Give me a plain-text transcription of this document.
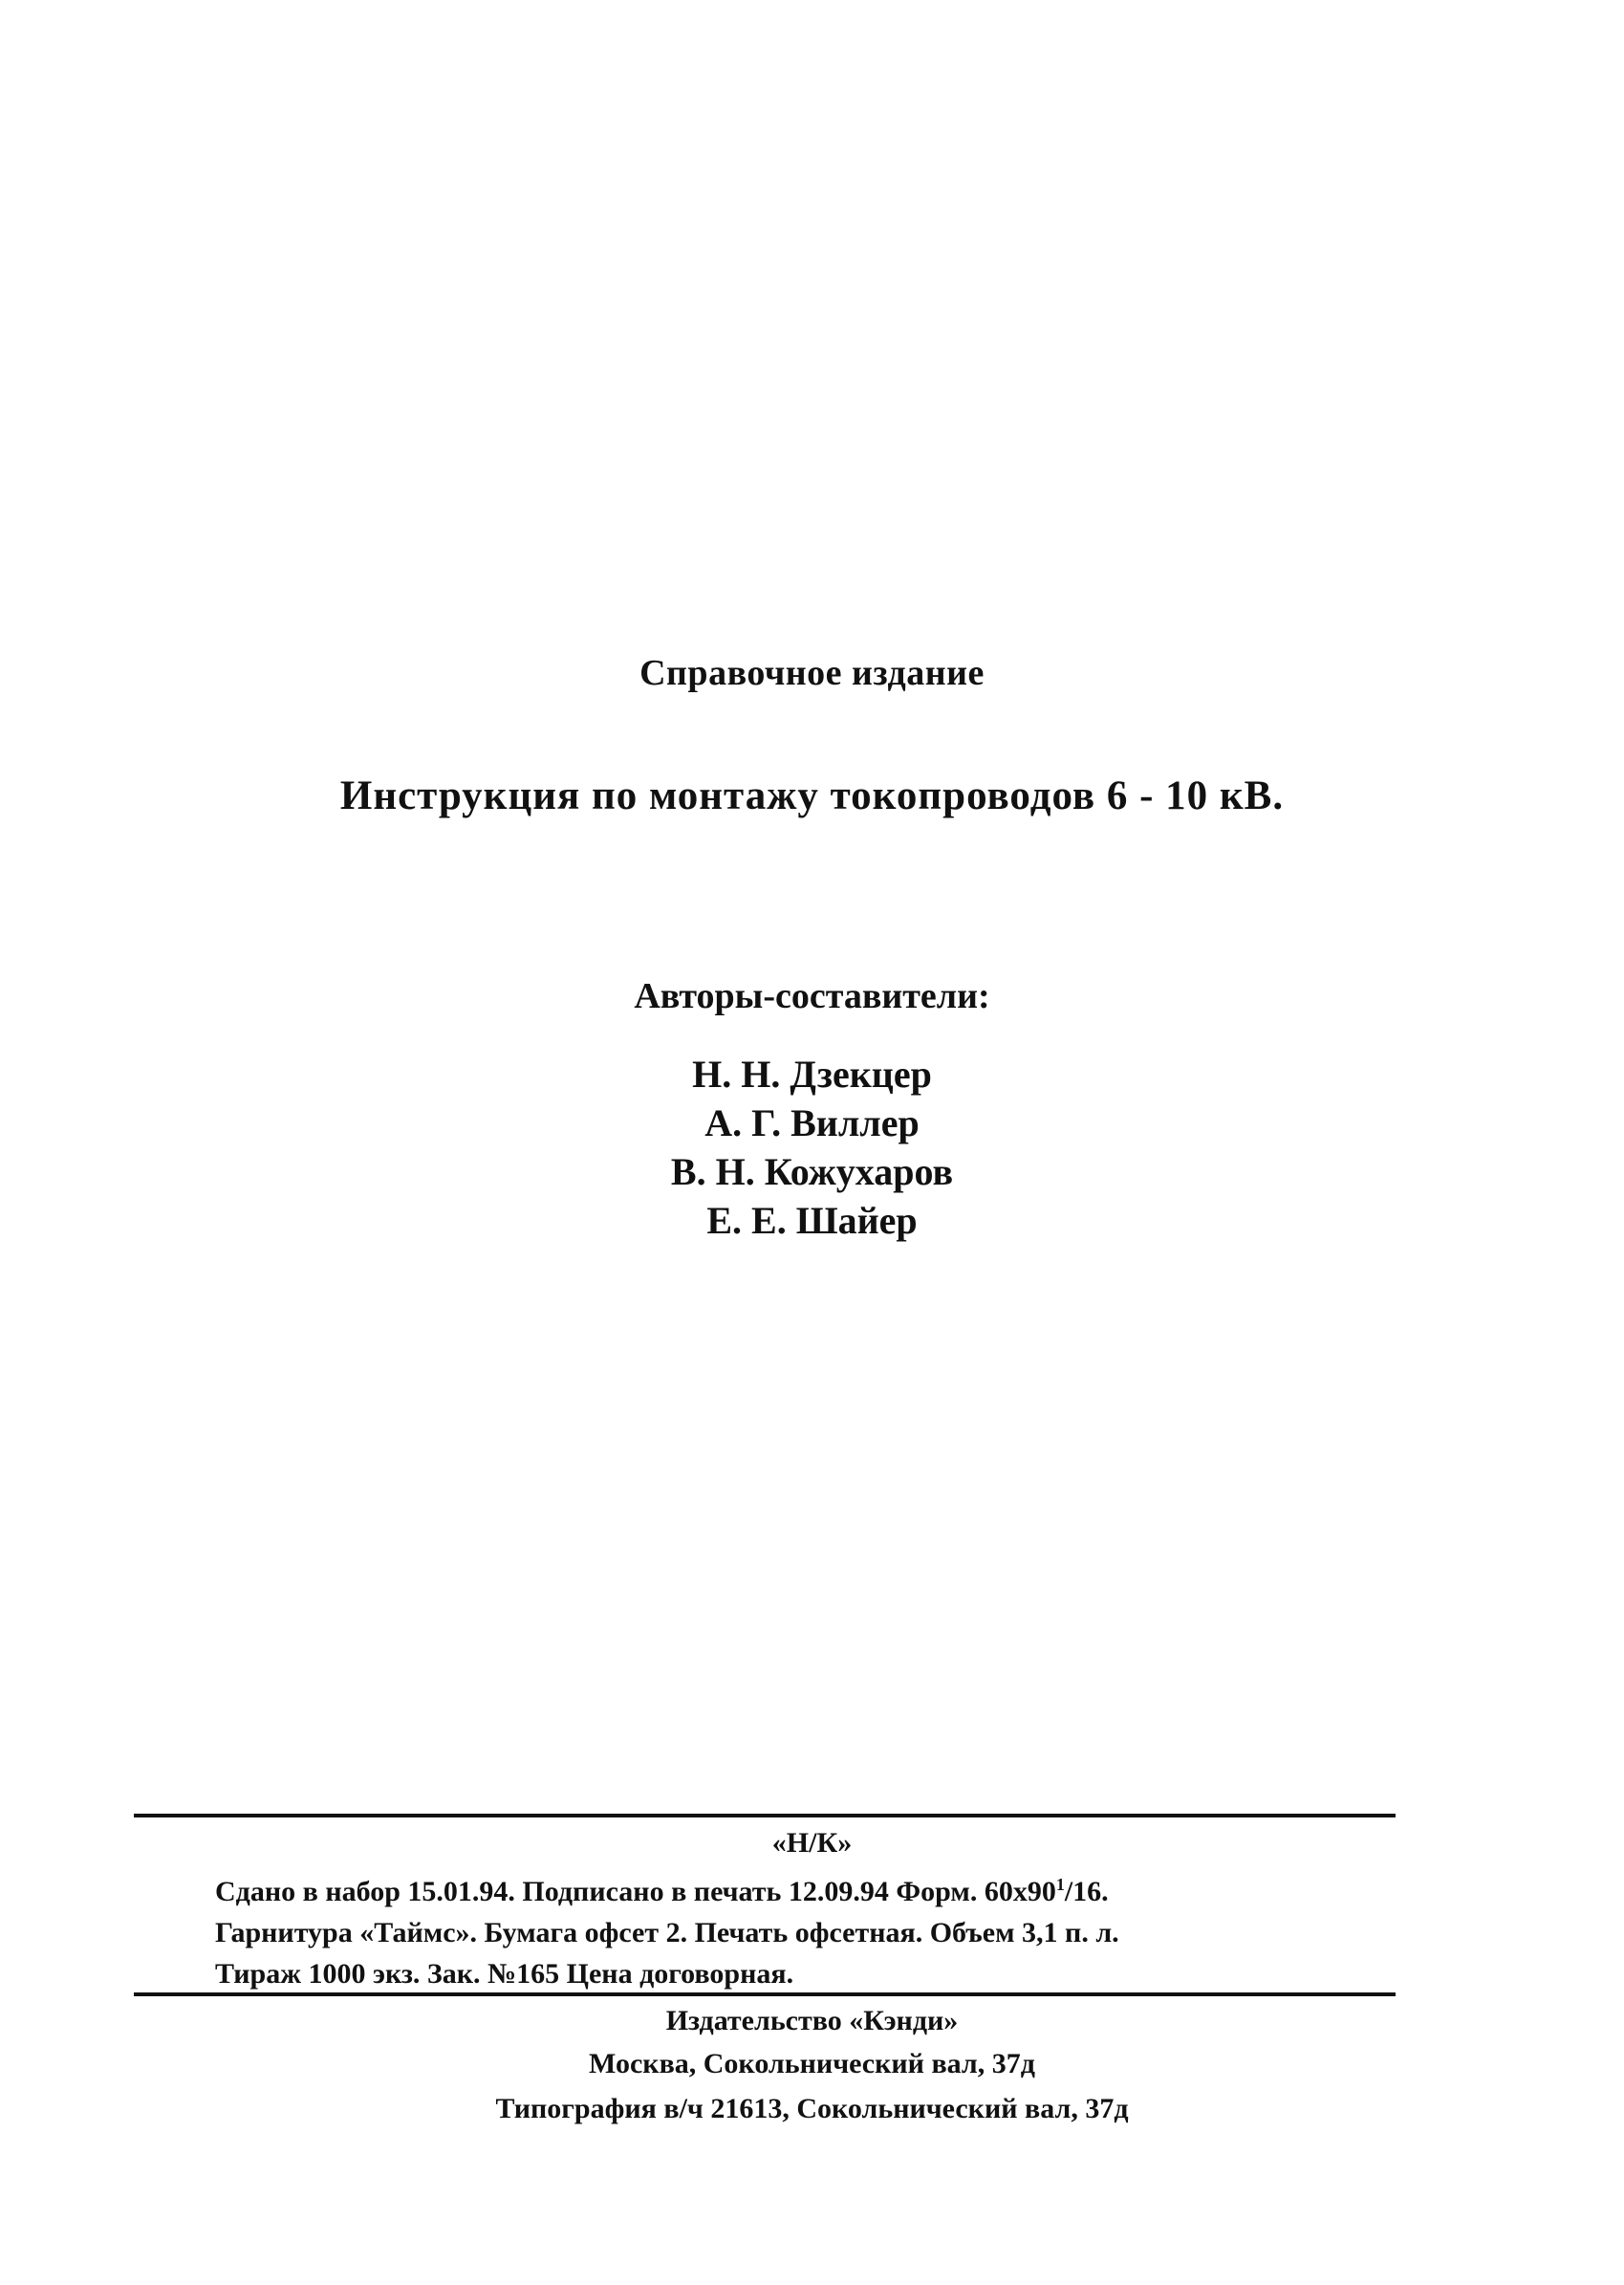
Справочное издание
Инструкция по монтажу токопроводов 6 - 10 кВ.
Авторы-составители:
Н. Н. Дзекцер
А. Г. Виллер
В. Н. Кожухаров
Е. Е. Шайер
«Н/К»
Сдано в набор 15.01.94. Подписано в печать 12.09.94 Форм. $60x90^1/16$.
Гарнитура «Таймс». Бумага офсет 2. Печать офсетная. Объем 3,1 п. л.
Тираж 1000 экз. Зак. №165 Цена договорная.
Издательство «Кэнди»
Москва, Сокольнический вал, 37д
Типография в/ч 21613, Сокольнический вал, 37д
